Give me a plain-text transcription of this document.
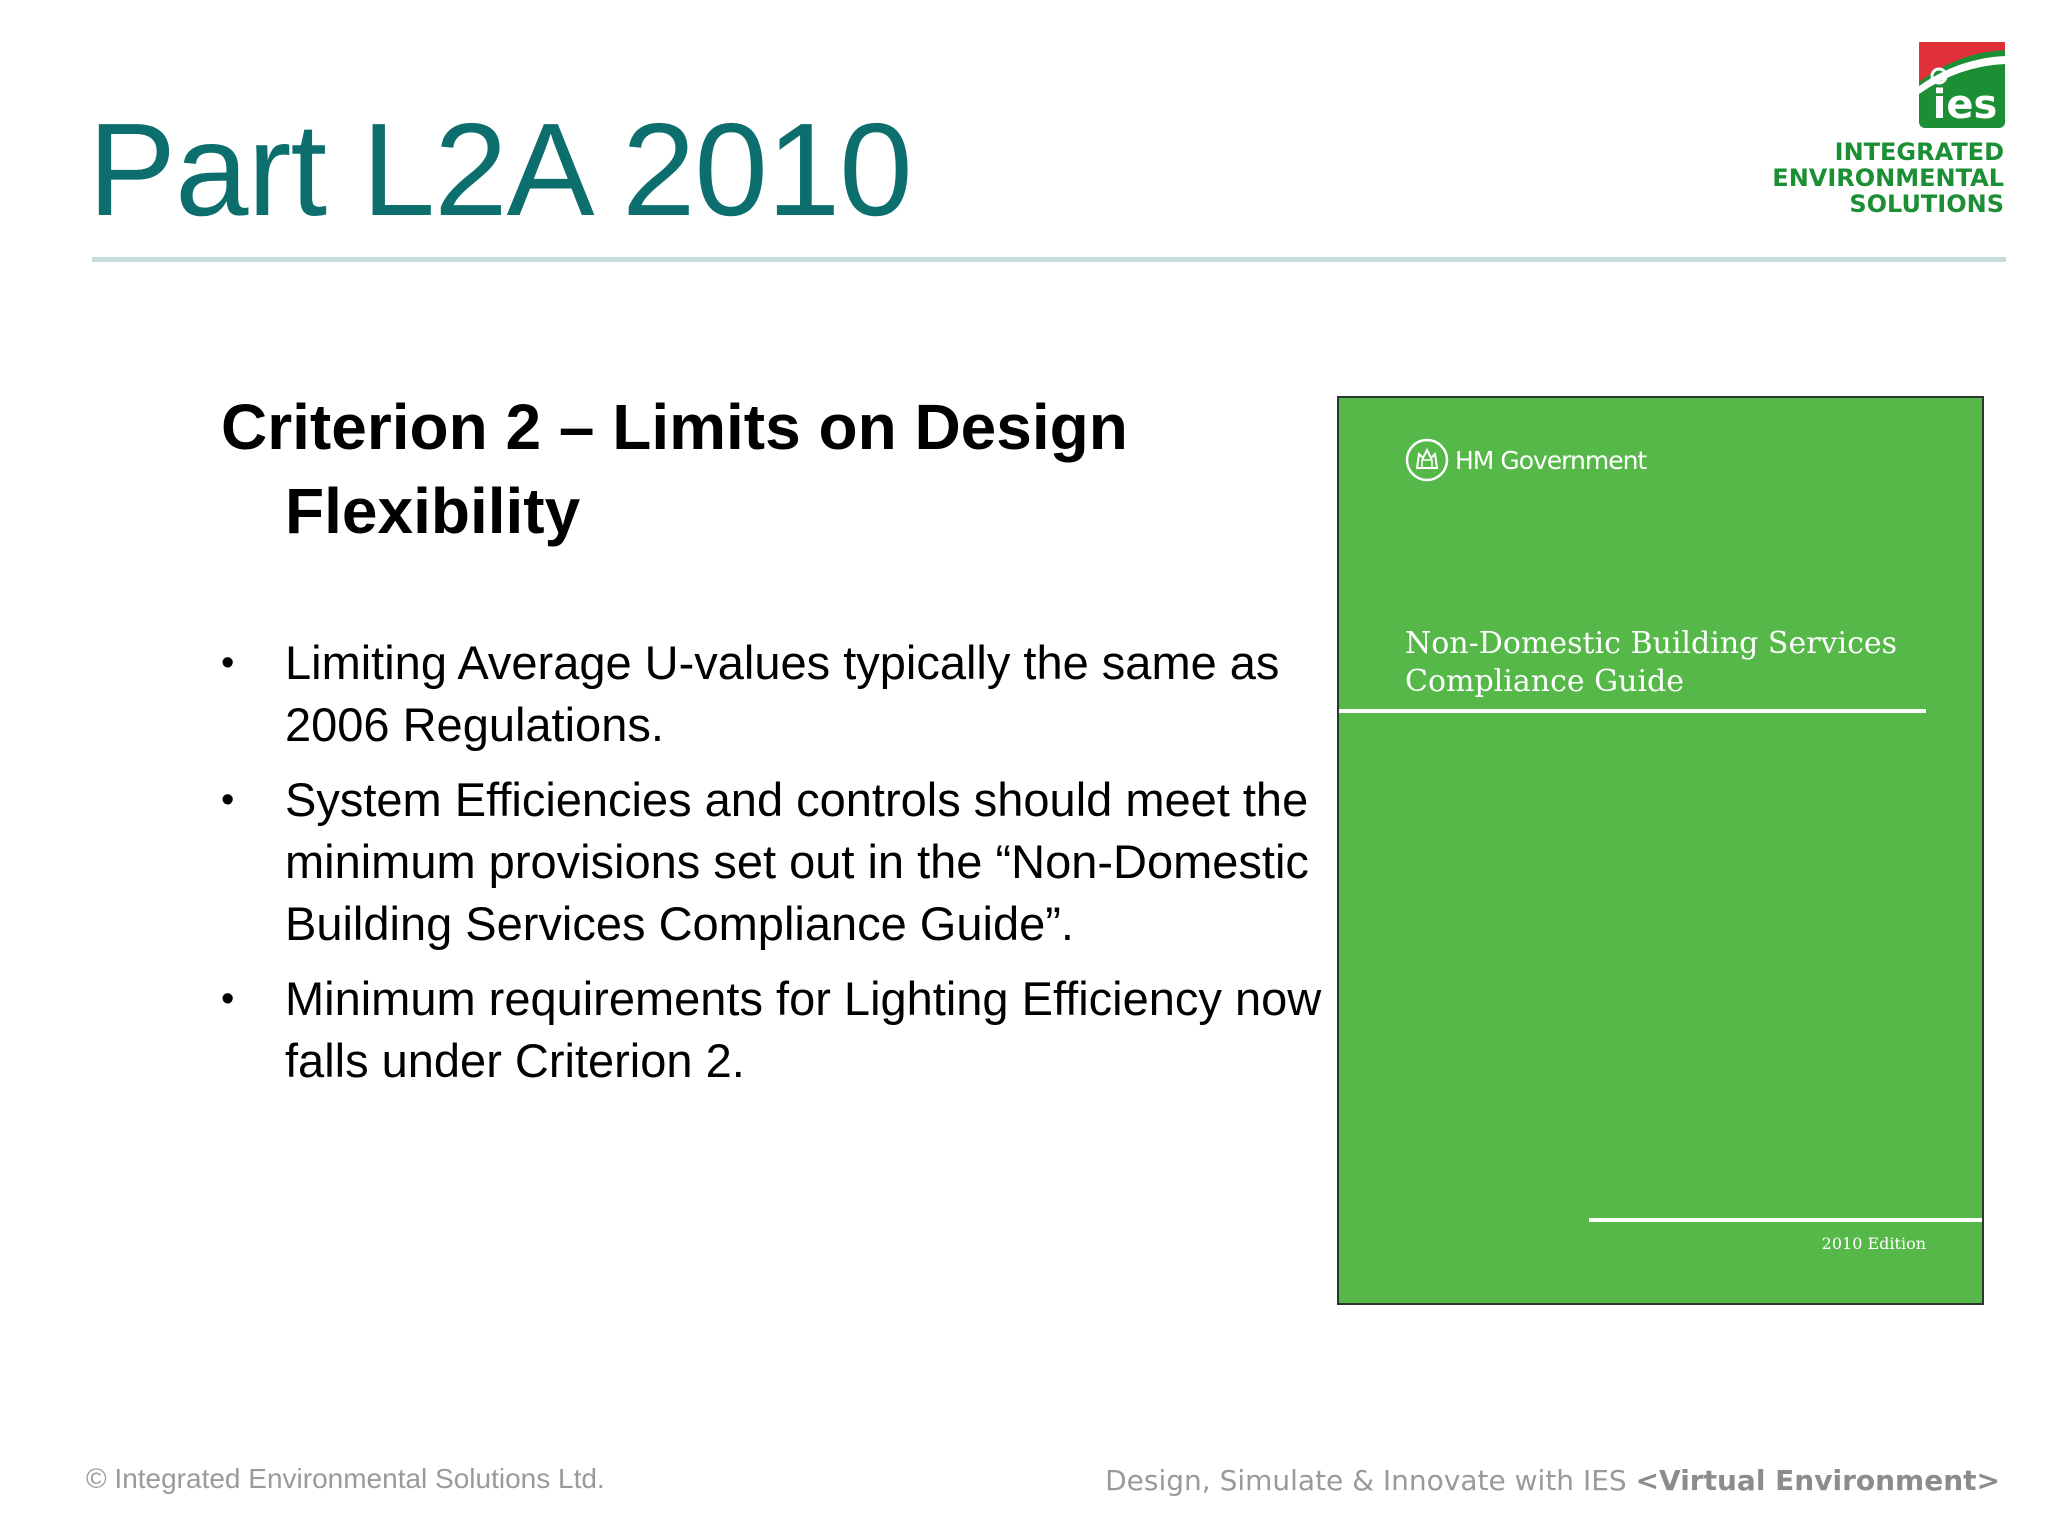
Part L2A 2010	ies
INTEGRATED
ENVIRONMENTAL
SOLUTIONS
Criterion 2 – Limits on Design Flexibility
• Limiting Average U-values typically the same as 2006 Regulations.
• System Efficiencies and controls should meet the minimum provisions set out in the “Non-Domestic Building Services Compliance Guide”.
• Minimum requirements for Lighting Efficiency now falls under Criterion 2.
HM Government
Non-Domestic Building Services
Compliance Guide
2010 Edition
© Integrated Environmental Solutions Ltd.	Design, Simulate & Innovate with IES <Virtual Environment>
